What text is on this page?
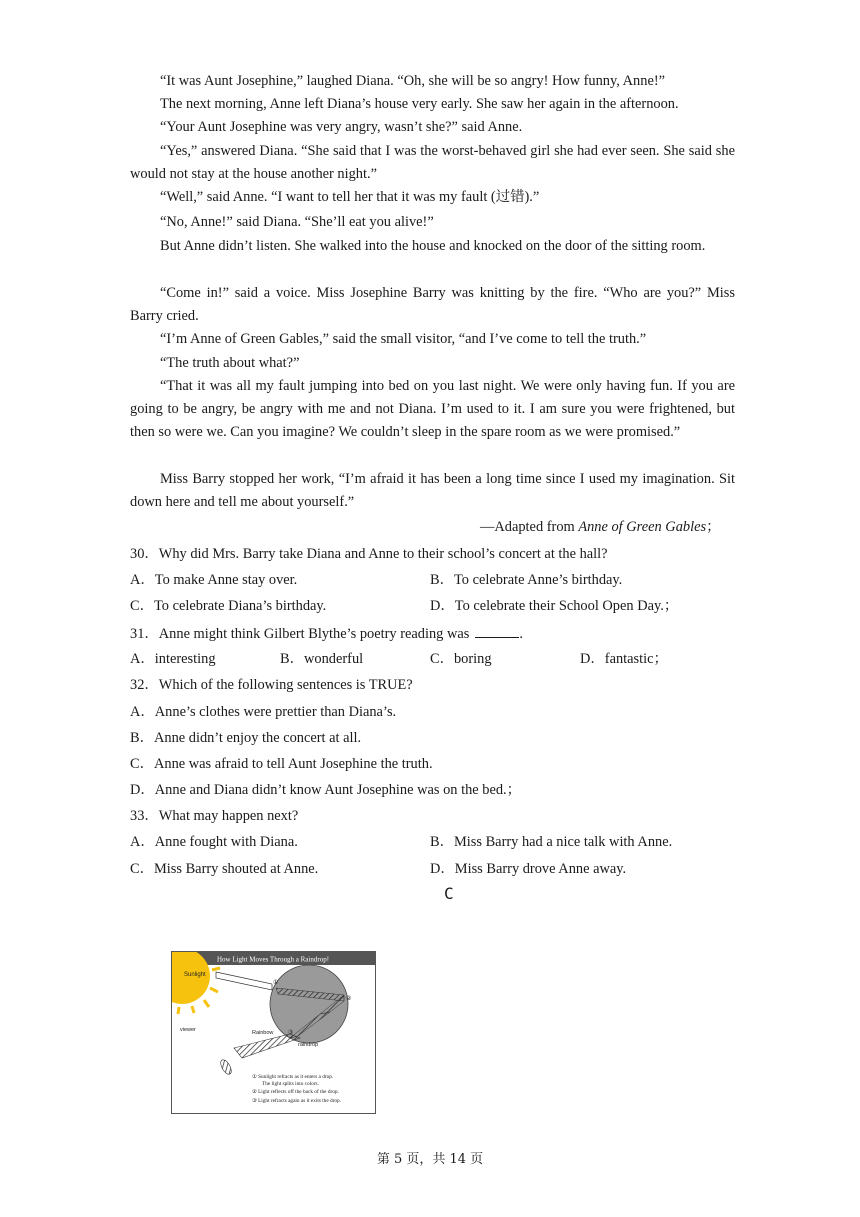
“It was Aunt Josephine,” laughed Diana. “Oh, she will be so angry! How funny, Anne!”

The next morning, Anne left Diana’s house very early. She saw her again in the afternoon.

“Your Aunt Josephine was very angry, wasn’t she?” said Anne.

“Yes,” answered Diana. “She said that I was the worst-behaved girl she had ever seen. She said she would not stay at the house another night.”

“Well,” said Anne. “I want to tell her that it was my fault (过错).”

“No, Anne!” said Diana. “She’ll eat you alive!”

But Anne didn’t listen. She walked into the house and knocked on the door of the sitting room.

“Come in!” said a voice. Miss Josephine Barry was knitting by the fire. “Who are you?” Miss Barry cried.

“I’m Anne of Green Gables,” said the small visitor, “and I’ve come to tell the truth.”

“The truth about what?”

“That it was all my fault jumping into bed on you last night. We were only having fun. If you are going to be angry, be angry with me and not Diana. I’m used to it. I am sure you were frightened, but then so were we. Can you imagine? We couldn’t sleep in the spare room as we were promised.”

Miss Barry stopped her work, “I’m afraid it has been a long time since I used my imagination. Sit down here and tell me about yourself.”

—Adapted from Anne of Green Gables；
30．Why did Mrs. Barry take Diana and Anne to their school’s concert at the hall?
A．To make Anne stay over.	B．To celebrate Anne’s birthday.
C．To celebrate Diana’s birthday.	D．To celebrate their School Open Day.；
31．Anne might think Gilbert Blythe’s poetry reading was	.
A．interesting	B．wonderful	C．boring	D．fantastic；
32．Which of the following sentences is TRUE?
A．Anne’s clothes were prettier than Diana’s.
B．Anne didn’t enjoy the concert at all.
C．Anne was afraid to tell Aunt Josephine the truth.
D．Anne and Diana didn’t know Aunt Josephine was on the bed.；
33．What may happen next?
A．Anne fought with Diana.	B．Miss Barry had a nice talk with Anne.
C．Miss Barry shouted at Anne.	D．Miss Barry drove Anne away.
C
How Light Moves Through a Raindrop!
Sunlight
viewer	Rainbow
raindrop
①
②
③
① Sunlight refracts as it enters a drop.
The light splits into colors.
② Light reflects off the back of the drop.
③ Light refracts again as it exits the drop.
第 5 页，共 14 页
